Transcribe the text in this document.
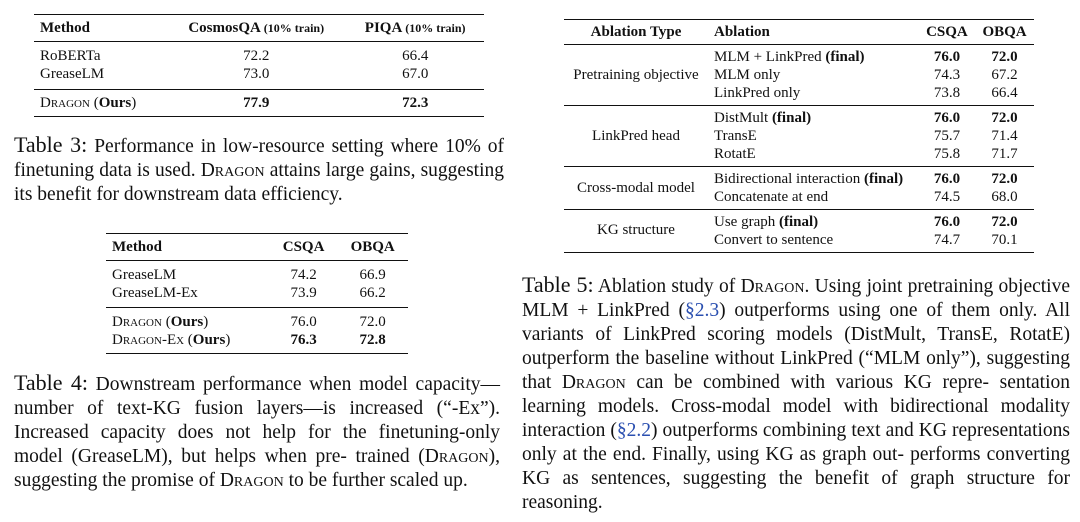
Method	CosmosQA (10% train)	PIQA (10% train)
RoBERTa	72.2	66.4
GreaseLM	73.0	67.0
Dragon (Ours)	77.9	72.3
Table 3: Performance in low-resource setting where 10% of finetuning data is used. Dragon attains large gains, suggesting its benefit for downstream data efficiency.
Method	CSQA	OBQA
GreaseLM	74.2	66.9
GreaseLM-Ex	73.9	66.2
Dragon (Ours)	76.0	72.0
Dragon-Ex (Ours)	76.3	72.8
Table 4: Downstream performance when model capacity—number of text-KG fusion layers—is increased (“-Ex”). Increased capacity does not help for the finetuning-only model (GreaseLM), but helps when pre- trained (Dragon), suggesting the promise of Dragon to be further scaled up.
Ablation Type	Ablation	CSQA	OBQA
Pretraining objective	MLM + LinkPred (final)	76.0	72.0
	MLM only	74.3	67.2
	LinkPred only	73.8	66.4
LinkPred head	DistMult (final)	76.0	72.0
	TransE	75.7	71.4
	RotatE	75.8	71.7
Cross-modal model	Bidirectional interaction (final)	76.0	72.0
	Concatenate at end	74.5	68.0
KG structure	Use graph (final)	76.0	72.0
	Convert to sentence	74.7	70.1
Table 5: Ablation study of Dragon. Using joint pretraining objective MLM + LinkPred (§2.3) outperforms using one of them only. All variants of LinkPred scoring models (DistMult, TransE, RotatE) outperform the baseline without LinkPred (“MLM only”), suggesting that Dragon can be combined with various KG repre- sentation learning models. Cross-modal model with bidirectional modality interaction (§2.2) outperforms combining text and KG representations only at the end. Finally, using KG as graph out- performs converting KG as sentences, suggesting the benefit of graph structure for reasoning.
